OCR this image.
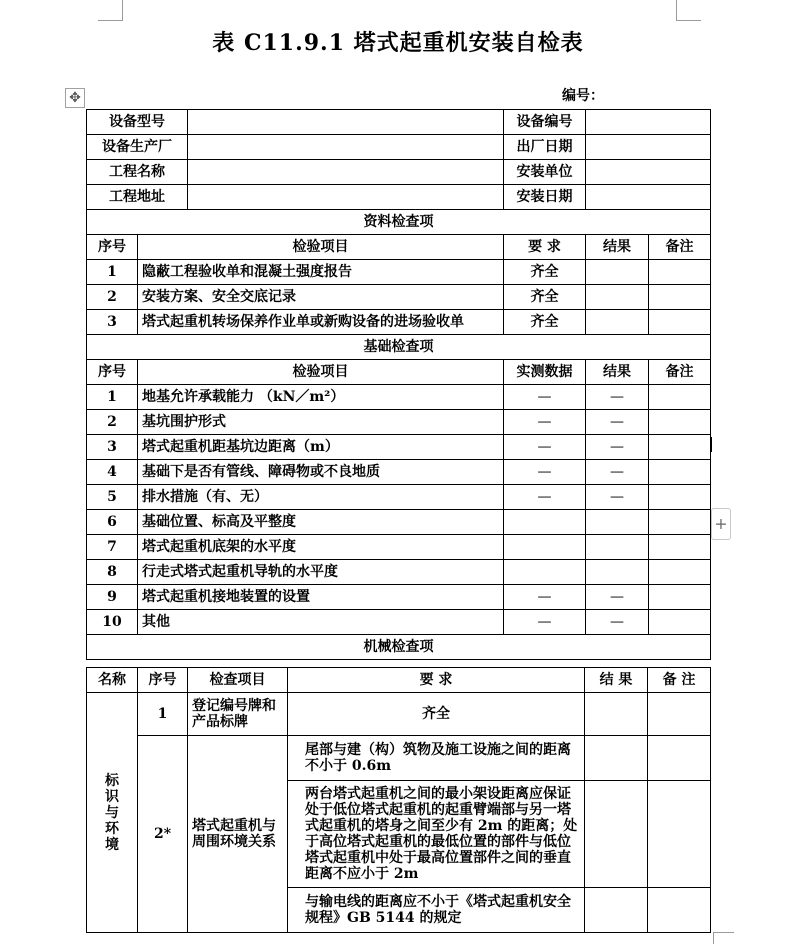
表 C11.9.1 塔式起重机安装自检表
编号：
✥
+
设备型号			设备编号		
设备生产厂			出厂日期		
工程名称			安装单位		
工程地址			安装日期		
资料检查项					
序号	检验项目		要 求	结果	备注
1	隐蔽工程验收单和混凝土强度报告		齐全		
2	安装方案、安全交底记录		齐全		
3	塔式起重机转场保养作业单或新购设备的进场验收单		齐全		
基础检查项					
序号	检验项目		实测数据	结果	备注
1	地基允许承载能力 （kN／m²）		—	—	
2	基坑围护形式		—	—	
3	塔式起重机距基坑边距离（m）		—	—	
4	基础下是否有管线、障碍物或不良地质		—	—	
5	排水措施（有、无）		—	—	
6	基础位置、标高及平整度				
7	塔式起重机底架的水平度				
8	行走式塔式起重机导轨的水平度				
9	塔式起重机接地装置的设置		—	—	
10	其他		—	—	
机械检查项					
名称	序号	检查项目	要 求	结 果	备 注
标识与环境	1	登记编号牌和产品标牌	齐全		
	2*	塔式起重机与周围环境关系	尾部与建（构）筑物及施工设施之间的距离不小于 0.6m		
			两台塔式起重机之间的最小架设距离应保证处于低位塔式起重机的起重臂端部与另一塔式起重机的塔身之间至少有 2m 的距离；处于高位塔式起重机的最低位置的部件与低位塔式起重机中处于最高位置部件之间的垂直距离不应小于 2m		
			与输电线的距离应不小于《塔式起重机安全规程》GB 5144 的规定		
